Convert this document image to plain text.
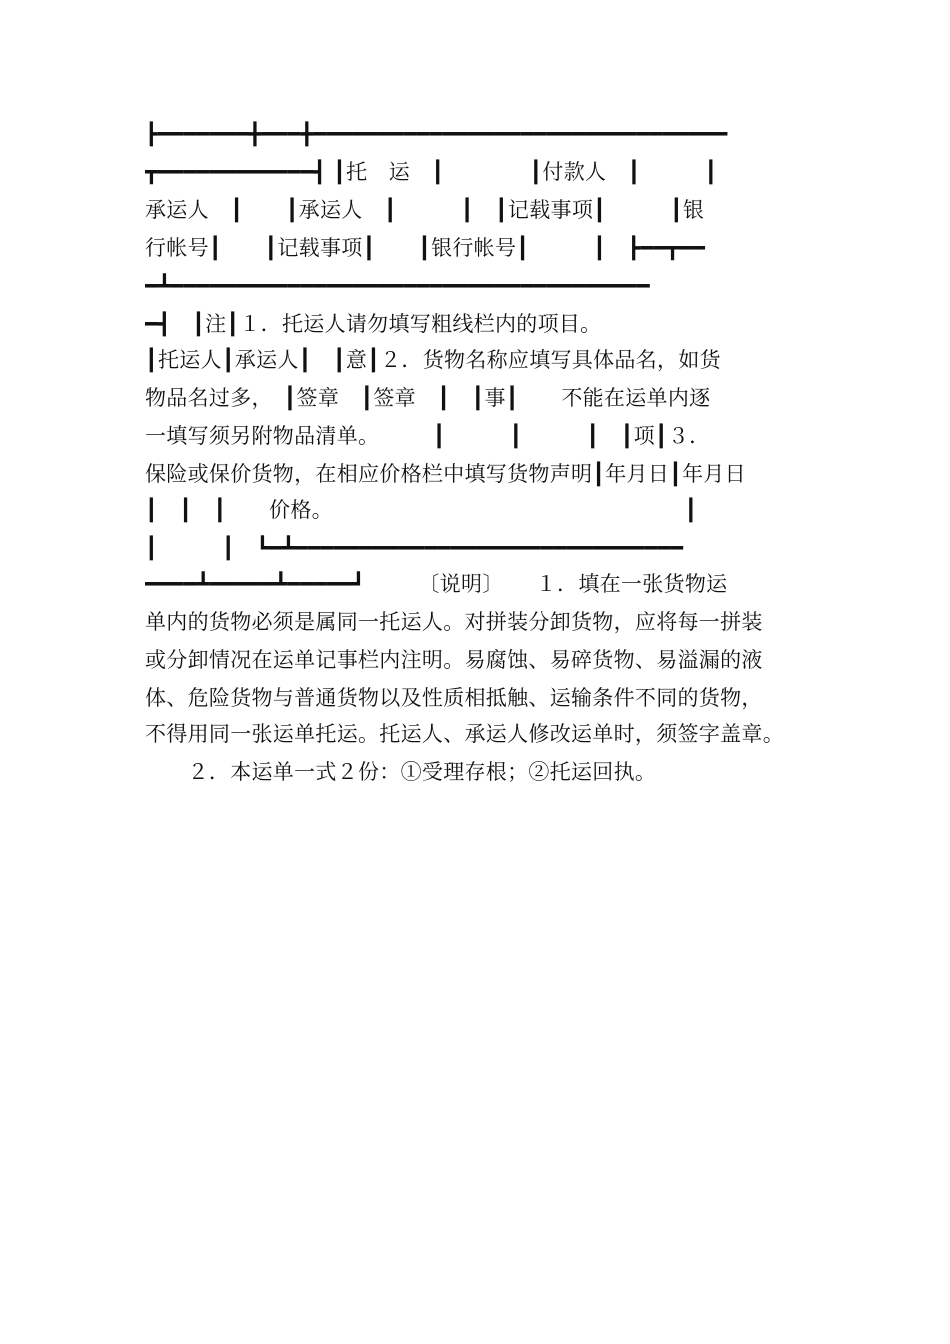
┣━━━━━━━╋━━━╋━━━━━━━━━━━━━━━━━━━━━━━━━━━━━━━━
┳━━━━━━━━━━━━┫ ┃托　运　┃　　　　┃付款人　┃　　　┃
承运人　┃　　┃承运人　┃　　　┃　┃记载事项┃　　　┃银
行帐号┃　　┃记载事项┃　　┃银行帐号┃　　　┃　┣━━┳━━
━┻━━━━━━━━━━━━━━━━━━━━━━━━━━━━━━━━━━━━━
━┫　┃注┃１．托运人请勿填写粗线栏内的项目。
┃托运人┃承运人┃　┃意┃２．货物名称应填写具体品名，如货
物品名过多，　┃签章　┃签章　┃　┃事┃　　不能在运单内逐
一填写须另附物品清单。　　　┃　　　┃　　　┃　┃项┃３．
保险或保价货物，在相应价格栏中填写货物声明┃年月日┃年月日
┃　┃　┃　　价格。　　　　　　　　　　　　　　　　　┃
┃　　　┃　┗━┻━━━━━━━━━━━━━━━━━━━━━━━━━━━━━━
━━━━┻━━━━━┻━━━━━┛　　　〔说明〕　　１．填在一张货物运
单内的货物必须是属同一托运人。对拼装分卸货物，应将每一拼装
或分卸情况在运单记事栏内注明。易腐蚀、易碎货物、易溢漏的液
体、危险货物与普通货物以及性质相抵触、运输条件不同的货物，
不得用同一张运单托运。托运人、承运人修改运单时，须签字盖章。
　　２．本运单一式２份：①受理存根；②托运回执。
